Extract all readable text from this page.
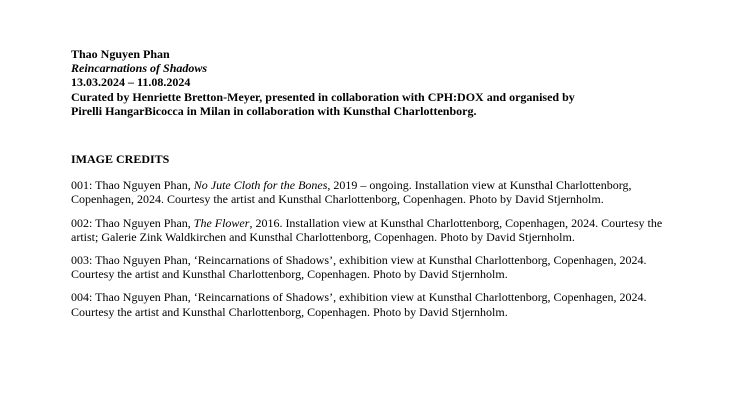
Thao Nguyen Phan
Reincarnations of Shadows
13.03.2024 – 11.08.2024
Curated by Henriette Bretton-Meyer, presented in collaboration with CPH:DOX and organised by
Pirelli HangarBicocca in Milan in collaboration with Kunsthal Charlottenborg.
IMAGE CREDITS
001: Thao Nguyen Phan, No Jute Cloth for the Bones, 2019 – ongoing. Installation view at Kunsthal Charlottenborg, Copenhagen, 2024. Courtesy the artist and Kunsthal Charlottenborg, Copenhagen. Photo by David Stjernholm.
002: Thao Nguyen Phan, The Flower, 2016. Installation view at Kunsthal Charlottenborg, Copenhagen, 2024. Courtesy the artist; Galerie Zink Waldkirchen and Kunsthal Charlottenborg, Copenhagen. Photo by David Stjernholm.
003: Thao Nguyen Phan, ‘Reincarnations of Shadows’, exhibition view at Kunsthal Charlottenborg, Copenhagen, 2024. Courtesy the artist and Kunsthal Charlottenborg, Copenhagen. Photo by David Stjernholm.
004: Thao Nguyen Phan, ‘Reincarnations of Shadows’, exhibition view at Kunsthal Charlottenborg, Copenhagen, 2024. Courtesy the artist and Kunsthal Charlottenborg, Copenhagen. Photo by David Stjernholm.
